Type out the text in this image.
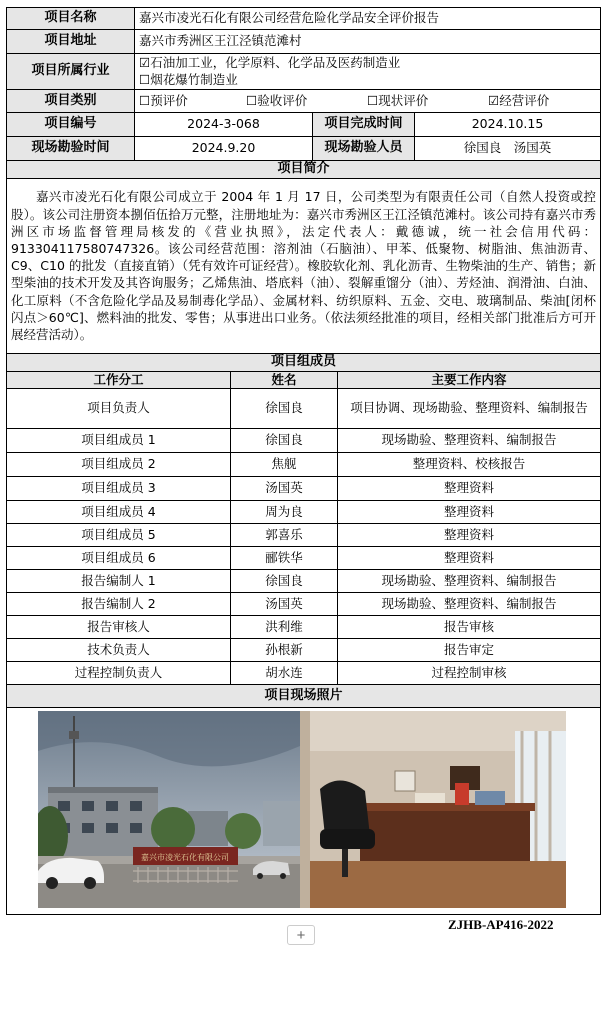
项目名称	嘉兴市凌光石化有限公司经营危险化学品安全评价报告				
项目地址	嘉兴市秀洲区王江泾镇范滩村				
项目所属行业	☑石油加工业，化学原料、化学品及医药制造业
☐烟花爆竹制造业				

项目类别	☐预评价 ☐验收评价 ☐现状评价 ☑经营评价				

项目编号	2024-3-068		项目完成时间		2024.10.15
现场勘验时间	2024.9.20		现场勘验人员		徐国良　汤国英
项目简介					
嘉兴市凌光石化有限公司成立于 2004 年 1 月 17 日，公司类型为有限责任公司（自然人投资或控股）。该公司注册资本捌佰伍拾万元整，注册地址为：嘉兴市秀洲区王江泾镇范滩村。该公司持有嘉兴市秀洲区市场监督管理局核发的《营业执照》，法定代表人：戴德诚，统一社会信用代码：913304117580747326。该公司经营范围：溶剂油（石脑油）、甲苯、低聚物、树脂油、焦油沥青、C9、C10 的批发（直接直销）（凭有效许可证经营）。橡胶软化剂、乳化沥青、生物柴油的生产、销售；新型柴油的技术开发及其咨询服务；乙烯焦油、塔底料（油）、裂解重馏分（油）、芳烃油、润滑油、白油、化工原料（不含危险化学品及易制毒化学品）、金属材料、纺织原料、五金、交电、玻璃制品、柴油[闭杯闪点＞60℃]、燃料油的批发、零售；从事进出口业务。（依法须经批准的项目，经相关部门批准后方可开展经营活动）。					
项目组成员					
工作分工		姓名		主要工作内容	
项目负责人		徐国良		项目协调、现场勘验、整理资料、编制报告	
项目组成员 1		徐国良		现场勘验、整理资料、编制报告	
项目组成员 2		焦舰		整理资料、校核报告	
项目组成员 3		汤国英		整理资料	
项目组成员 4		周为良		整理资料	
项目组成员 5		郭喜乐		整理资料	
项目组成员 6		郦铁华		整理资料	
报告编制人 1		徐国良		现场勘验、整理资料、编制报告	
报告编制人 2		汤国英		现场勘验、整理资料、编制报告	
报告审核人		洪利维		报告审核	
技术负责人		孙根新		报告审定	
过程控制负责人		胡水连		过程控制审核	
项目现场照片					

嘉兴市凌光石化有限公司					
ZJHB-AP416-2022
+
